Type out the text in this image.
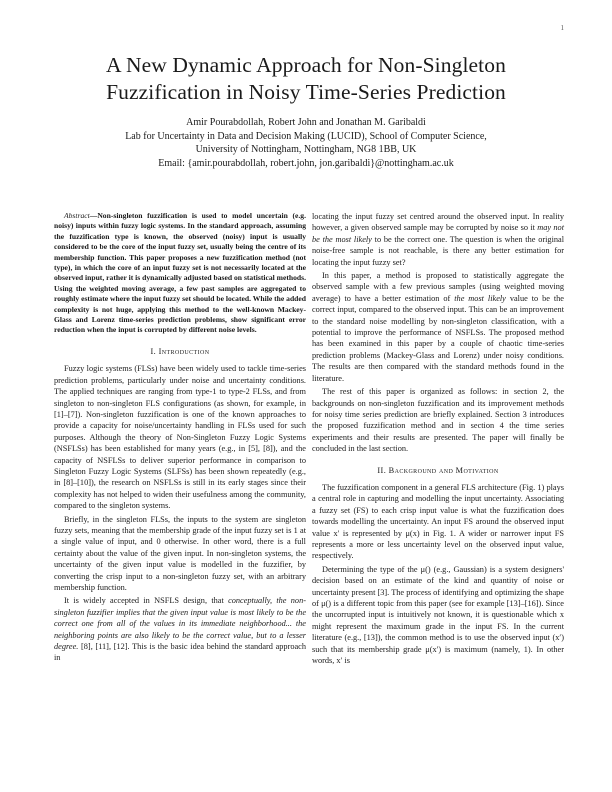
1
A New Dynamic Approach for Non-Singleton
Fuzzification in Noisy Time-Series Prediction
Amir Pourabdollah, Robert John and Jonathan M. Garibaldi
Lab for Uncertainty in Data and Decision Making (LUCID), School of Computer Science,
University of Nottingham, Nottingham, NG8 1BB, UK
Email: {amir.pourabdollah, robert.john, jon.garibaldi}@nottingham.ac.uk

Abstract—Non-singleton fuzzification is used to model uncertain (e.g. noisy) inputs within fuzzy logic systems. In the standard approach, assuming the fuzzification type is known, the observed (noisy) input is usually considered to be the core of the input fuzzy set, usually being the centre of its membership function. This paper proposes a new fuzzification method (not type), in which the core of an input fuzzy set is not necessarily located at the observed input, rather it is dynamically adjusted based on statistical methods. Using the weighted moving average, a few past samples are aggregated to roughly estimate where the input fuzzy set should be located. While the added complexity is not huge, applying this method to the well-known Mackey-Glass and Lorenz time-series prediction problems, show significant error reduction when the input is corrupted by different noise levels.

I. Introduction

Fuzzy logic systems (FLSs) have been widely used to tackle time-series prediction problems, particularly under noise and uncertainty conditions. The applied techniques are ranging from type-1 to type-2 FLSs, and from singleton to non-singleton FLS configurations (as shown, for example, in [1]–[7]). Non-singleton fuzzification is one of the known approaches to provide a capacity for noise/uncertainty handling in FLSs used for such purposes. Although the theory of Non-Singleton Fuzzy Logic Systems (NSFLSs) has been established for many years (e.g., in [5], [8]), and the capacity of NSFLSs to deliver superior performance in comparison to Singleton Fuzzy Logic Systems (SLFSs) has been shown repeatedly (e.g., in [8]–[10]), the research on NSFLSs is still in its early stages since their complexity has not helped to widen their usefulness among the community, compared to the singleton systems.

Briefly, in the singleton FLSs, the inputs to the system are singleton fuzzy sets, meaning that the membership grade of the input fuzzy set is 1 at a single value of input, and 0 otherwise. In other word, there is a full certainty about the value of the given input. In non-singleton systems, the uncertainty of the given input value is modelled in the fuzzifier, by converting the crisp input to a non-singleton fuzzy set, with an arbitrary membership function.

It is widely accepted in NSFLS design, that conceptually, the non-singleton fuzzifier implies that the given input value is most likely to be the correct one from all of the values in its immediate neighborhood... the neighboring points are also likely to be the correct value, but to a lesser degree. [8], [11], [12]. This is the basic idea behind the standard approach in

locating the input fuzzy set centred around the observed input. In reality however, a given observed sample may be corrupted by noise so it may not be the most likely to be the correct one. The question is when the original noise-free sample is not reachable, is there any better estimation for locating the input fuzzy set?

In this paper, a method is proposed to statistically aggregate the observed sample with a few previous samples (using weighted moving average) to have a better estimation of the most likely value to be the correct input, compared to the observed input. This can be an improvement to the standard noise modelling by non-singleton classification, with a potential to improve the performance of NSFLSs. The proposed method has been examined in this paper by a couple of chaotic time-series prediction problems (Mackey-Glass and Lorenz) under noisy conditions. The results are then compared with the standard methods found in the literature.

The rest of this paper is organized as follows: in section 2, the backgrounds on non-singleton fuzzification and its improvement methods for noisy time series prediction are briefly explained. Section 3 introduces the proposed fuzzification method and in section 4 the time series experiments and their results are presented. The paper will finally be concluded in the last section.

II. Background and Motivation

The fuzzification component in a general FLS architecture (Fig. 1) plays a central role in capturing and modelling the input uncertainty. Associating a fuzzy set (FS) to each crisp input value is what the fuzzification does towards modelling the uncertainty. An input FS around the observed input value x′ is represented by μ(x) in Fig. 1. A wider or narrower input FS represents a more or less uncertainty level on the observed input value, respectively.

Determining the type of the μ() (e.g., Gaussian) is a system designers' decision based on an estimate of the kind and quantity of noise or uncertainty present [3]. The process of identifying and optimizing the shape of μ() is a different topic from this paper (see for example [13]–[16]). Since the uncorrupted input is intuitively not known, it is questionable which x might represent the maximum grade in the input FS. In the current literature (e.g., [13]), the common method is to use the observed input (x′) such that its membership grade μ(x′) is maximum (namely, 1). In other words, x′ is
